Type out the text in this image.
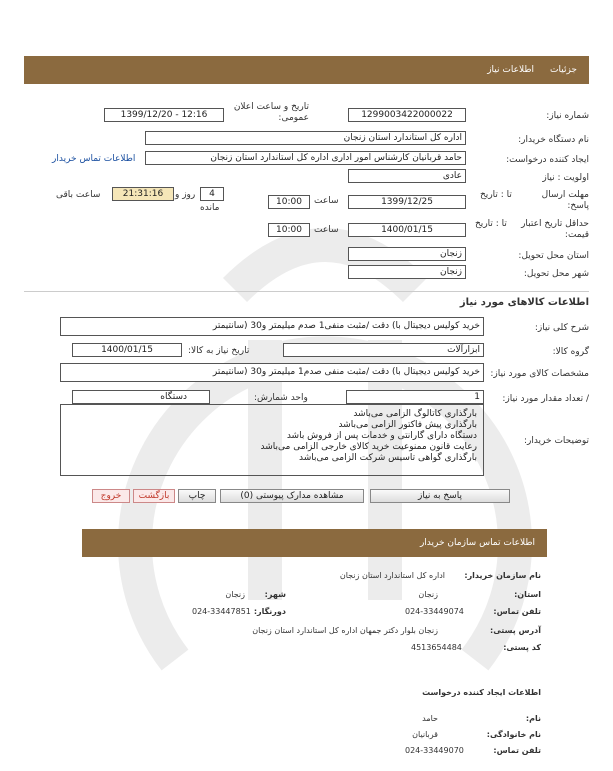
جزئیات
اطلاعات نیاز
شماره نیاز:
1299003422000022
تاریخ و ساعت اعلان عمومی:
1399/12/20 - 12:16
نام دستگاه خریدار:
اداره کل استاندارد استان زنجان
ایجاد کننده درخواست:
حامد قربانیان کارشناس امور اداری اداره کل استاندارد استان زنجان
اطلاعات تماس خریدار
اولویت : نیاز
عادی
مهلت ارسال پاسخ:
تا : تاریخ
1399/12/25
ساعت
10:00
4
روز و
مانده
21:31:16
ساعت باقی
حداقل تاریخ اعتبار قیمت:
تا : تاریخ
1400/01/15
ساعت
10:00
استان محل تحویل:
زنجان
شهر محل تحویل:
زنجان
اطلاعات کالاهای مورد نیاز
شرح کلی نیاز:
خرید کولیس دیجیتال با) دقت /مثبت منفی1 صدم میلیمتر و30 (سانتیمتر
گروه کالا:
ابزارآلات
تاریخ نیاز به کالا:
1400/01/15
مشخصات کالای مورد نیاز:
خرید کولیس دیجیتال با) دقت /مثبت منفی صدم1 میلیمتر و30 (سانتیمتر
/ تعداد مقدار مورد نیاز:
1
واحد شمارش:
دستگاه
توضیحات خریدار:
بارگذاری کاتالوگ الزامی می‌باشد
بارگذاری پیش فاکتور الزامی می‌باشد
دستگاه دارای گارانتی و خدمات پس از فروش باشد
رعایت قانون ممنوعیت خرید کالای خارجی الزامی می‌باشد
بارگذاری گواهی تاسیس شرکت الزامی می‌باشد
پاسخ به نیاز
مشاهده مدارک پیوستی (0)
چاپ
بازگشت
خروج
اطلاعات تماس سازمان خریدار
نام سازمان خریدار:
اداره کل استاندارد استان زنجان
استان:
زنجان
شهر:
زنجان
تلفن تماس:
024-33449074
دورنگار:
024-33447851
آدرس پستی:
زنجان بلوار دکتر جمهان اداره کل استاندارد استان زنجان
کد پستی:
4513654484
اطلاعات ایجاد کننده درخواست
نام:
حامد
نام خانوادگی:
قربانیان
تلفن تماس:
024-33449070
